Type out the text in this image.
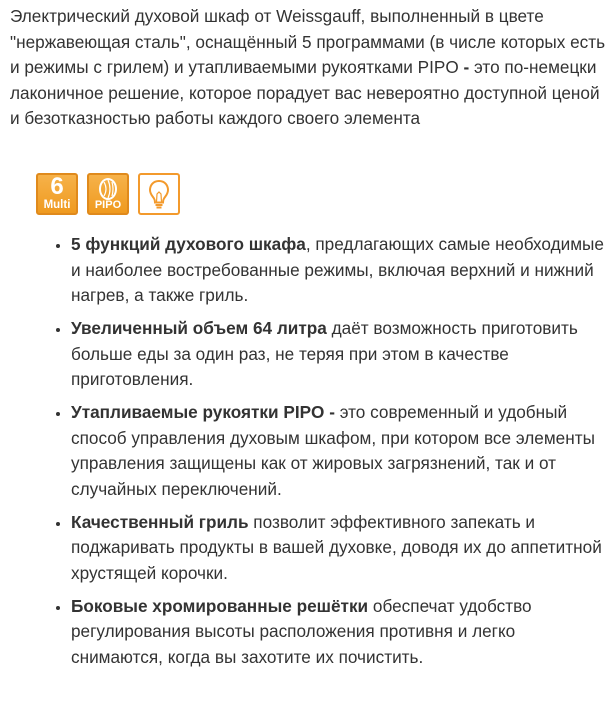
Электрический духовой шкаф от Weissgauff, выполненный в цвете "нержавеющая сталь", оснащённый 5 программами (в числе которых есть и режимы с грилем) и утапливаемыми рукоятками PIPO - это по-немецки лаконичное решение, которое порадует вас невероятно доступной ценой и безотказностью работы каждого своего элемента

6
Multi	PIPO
• 5 функций духового шкафа, предлагающих самые необходимые и наиболее востребованные режимы, включая верхний и нижний нагрев, а также гриль.
• Увеличенный объем 64 литра даёт возможность приготовить больше еды за один раз, не теряя при этом в качестве приготовления.
• Утапливаемые рукоятки PIPO - это современный и удобный способ управления духовым шкафом, при котором все элементы управления защищены как от жировых загрязнений, так и от случайных переключений.
• Качественный гриль позволит эффективного запекать и поджаривать продукты в вашей духовке, доводя их до аппетитной хрустящей корочки.
• Боковые хромированные решётки обеспечат удобство регулирования высоты расположения противня и легко снимаются, когда вы захотите их почистить.
